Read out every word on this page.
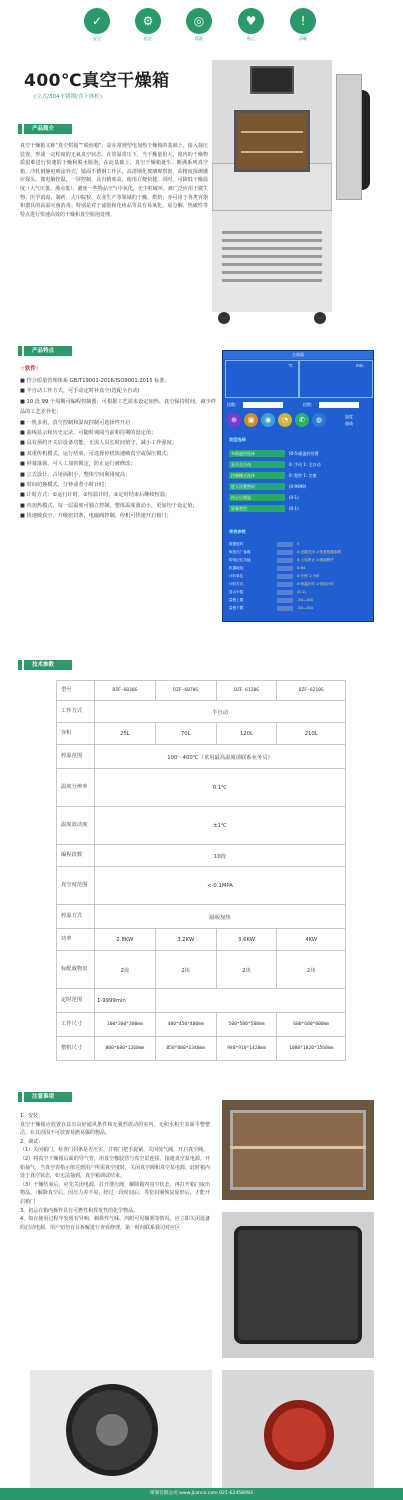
✓
安全
⚙
稳定
◎
精准
♥
贴心
!
清晰
400℃真空干燥箱
(立式/304不锈钢/含下体柜)
产品简介
真空干燥箱又称“真空烘箱”“脱泡箱”，是在常规型电加热干燥箱的基础上，接入抽压装置，形成一定程度的无氧真空状态。在常温常压下，当干燥量很大，箱内的干燥物质很难进行快速的干燥和脱水脱泡，在此基础上，真空干燥箱诞生。断满系列真空箱，冷轧钢静电喷涂外壳，镜面不锈钢工作区，高清钢化玻璃观察窗，高精度探测感应探头，微电脑控温，一屏控制，具有精度高，使用方便快捷。同时，可降低干燥温度（大气压低，沸点低），避免一些物品空气中氧化，无尘粒破坏，被广泛应用于微生物、医学消毒、制药、大中院校、农业生产等领域的干燥、烘焙；亦可用于各类容器和器具的高温灭菌消毒；特别是对于滤胶和化妆品等具有易氧化、易分解、热敏性等特点进行快速高效的干燥和真空脱泡处理。
产品特点
☆软件：
■ 符合质量管理体系 GB/T19001-2016/ISO9001:2015 标准；
■ 半自动工作方式，可手动定时补真空(选配全自动)
■ 10 段 99 个周期可编程控制器，可根据工艺需求设定加热、真空保持时间，减少样品的工艺差异化；
■ 一机多用，真空控制和温度控制可选择性开启
■ 曲线显示和历史记录，可随时调阅当前和往期的设定值；
■ 具有预约开关启设备功能，无需人员长时间值守，减小工作强度；
■ 双重传机模式，运行结束，可选择停机快速破真空或保压模式；
■ 屏幕落锁，可人工加密锁定，防止运行被修改；
■ 立式设计，占用面积小，整体空间利用度高；
■ 时间切换模式，分钟或者小时计时；
■ 计时方式：①运行计时，②恒温计时，③定时结束后继续恒温；
■ 内加热模式，每一层温度可独立控制，整体温度波动小，更加均于设定值；
■ 快速破真空，升级密封条，电磁阀控制，停机可快速开启箱门；
主界面
℃	min
段数:	段数:
⊕	▣	◉	◔	✆	◍	温度
曲线
类型选择
多路温控选择	(0-5)最温控设置
是否全自动	0: 手动 1: 全自动
控制模式选择	0: 程控 1: 定值
进入设置密码	(0-9999)
停止后照温	(0-1)
屏幕类型	(0-1)
常规参数
数据延时	5
恢复出厂参数	0:近端关闭 1:恢复数据参数
掉电记忆功能	0:上电停止 1:继续程序
机器地址	0-64
计时单位	0:分钟 1:小时
计时方式	0:恒温计时 1:恒值计时
显示小数	(0-1)
量程上限	-50—410
量程下限	-50—410
技术参数
型号	DZF-6030G	DZF-6070G	DZF-6120G	DZF-6210G
工作方式	半自动			
容积	25L	70L	120L	210L
控温范围	100～400℃（常用最高温度请联系业务员）			
温度分辨率	0.1℃			
温度波动度	±1℃			
编程段数	10段			
真空度范围	<-0.1MPA			
控温方式	隔板加热			
功率	2.8KW	3.2KW	3.6KW	4KW
标配载物盘	2块	2块	2块	2块
定时范围	1-9999min			
工作尺寸	300*300*300mm	400*450*400mm	500*500*500mm	600*600*600mm
整机尺寸	800*680*1260mm	850*880*1340mm	980*910*1420mm	1080*1020*1560mm
注意事项
1、安装：
真空干燥箱应放置在具有良好通风条件和无强烈震动的室内，无积水积尘表面平整整洁，在其周围不可放置易燃易爆的物品。
2、调试：
（1）关闭箱门，检查门封条是否压实，并将门把手旋紧，关闭放气阀，开启真空阀。
（2）将真空干燥箱后面的导气管，用真空橡胶管与真空泵连接，接通真空泵电源，开始抽气，当真空表指示值达到用户所需真空度时，关闭真空阀和真空泵电源，此时箱内处于真空状态，如无法抽到，真空箱调试结束。
（3）干燥结束后，应先关闭电源，打开泄压阀，解除箱内真空状态，再打开箱门取出物品。（解除真空后，因压力差不易，经过一段时间后，等密封圈恢复原形后，才能开启箱门
3、切忌在箱内操作具有可燃性和挥发性的化学物品。
4、如在使用过程中发现有异响、刺鼻性气味、内眼可见烟雾等情况，应立即关闭设备的启动电源，用户切勿盲目拆解进行查看修理，第一时间联系我司对应区
斯频有限公司 www.JLanco.com 021-62458093
